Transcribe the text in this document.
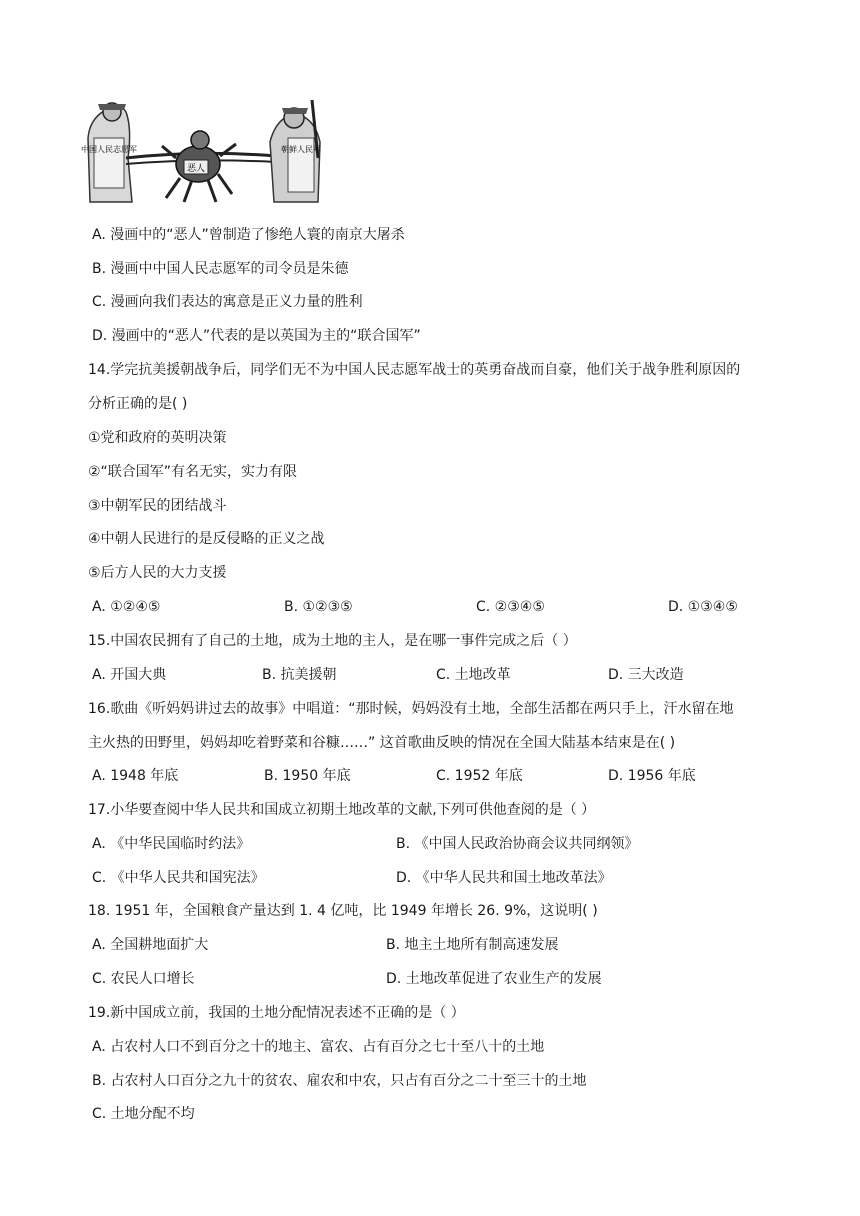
中国人民志愿军
恶人
朝鲜人民军
A. 漫画中的“恶人”曾制造了惨绝人寰的南京大屠杀
B. 漫画中中国人民志愿军的司令员是朱德
C. 漫画向我们表达的寓意是正义力量的胜利
D. 漫画中的“恶人”代表的是以英国为主的“联合国军”
14.学完抗美援朝战争后，同学们无不为中国人民志愿军战士的英勇奋战而自豪，他们关于战争胜利原因的
分析正确的是( )
①党和政府的英明决策
②“联合国军”有名无实，实力有限
③中朝军民的团结战斗
④中朝人民进行的是反侵略的正义之战
⑤后方人民的大力支援
A. ①②④⑤	B. ①②③⑤	C. ②③④⑤	D. ①③④⑤
15.中国农民拥有了自己的土地，成为土地的主人，是在哪一事件完成之后（ ）
A. 开国大典	B. 抗美援朝	C. 土地改革	D. 三大改造
16.歌曲《听妈妈讲过去的故事》中唱道：“那时候，妈妈没有土地，全部生活都在两只手上，汗水留在地
主火热的田野里，妈妈却吃着野菜和谷糠……” 这首歌曲反映的情况在全国大陆基本结束是在( )
A. 1948 年底	B. 1950 年底	C. 1952 年底	D. 1956 年底
17.小华要查阅中华人民共和国成立初期土地改革的文献,下列可供他查阅的是（ ）
A. 《中华民国临时约法》	B. 《中国人民政治协商会议共同纲领》
C. 《中华人民共和国宪法》	D. 《中华人民共和国土地改革法》
18. 1951 年，全国粮食产量达到 1. 4 亿吨，比 1949 年增长 26. 9%，这说明( )
A. 全国耕地面扩大	B. 地主土地所有制高速发展
C. 农民人口增长	D. 土地改革促进了农业生产的发展
19.新中国成立前，我国的土地分配情况表述不正确的是（ ）
A. 占农村人口不到百分之十的地主、富农、占有百分之七十至八十的土地
B. 占农村人口百分之九十的贫农、雇农和中农，只占有百分之二十至三十的土地
C. 土地分配不均
